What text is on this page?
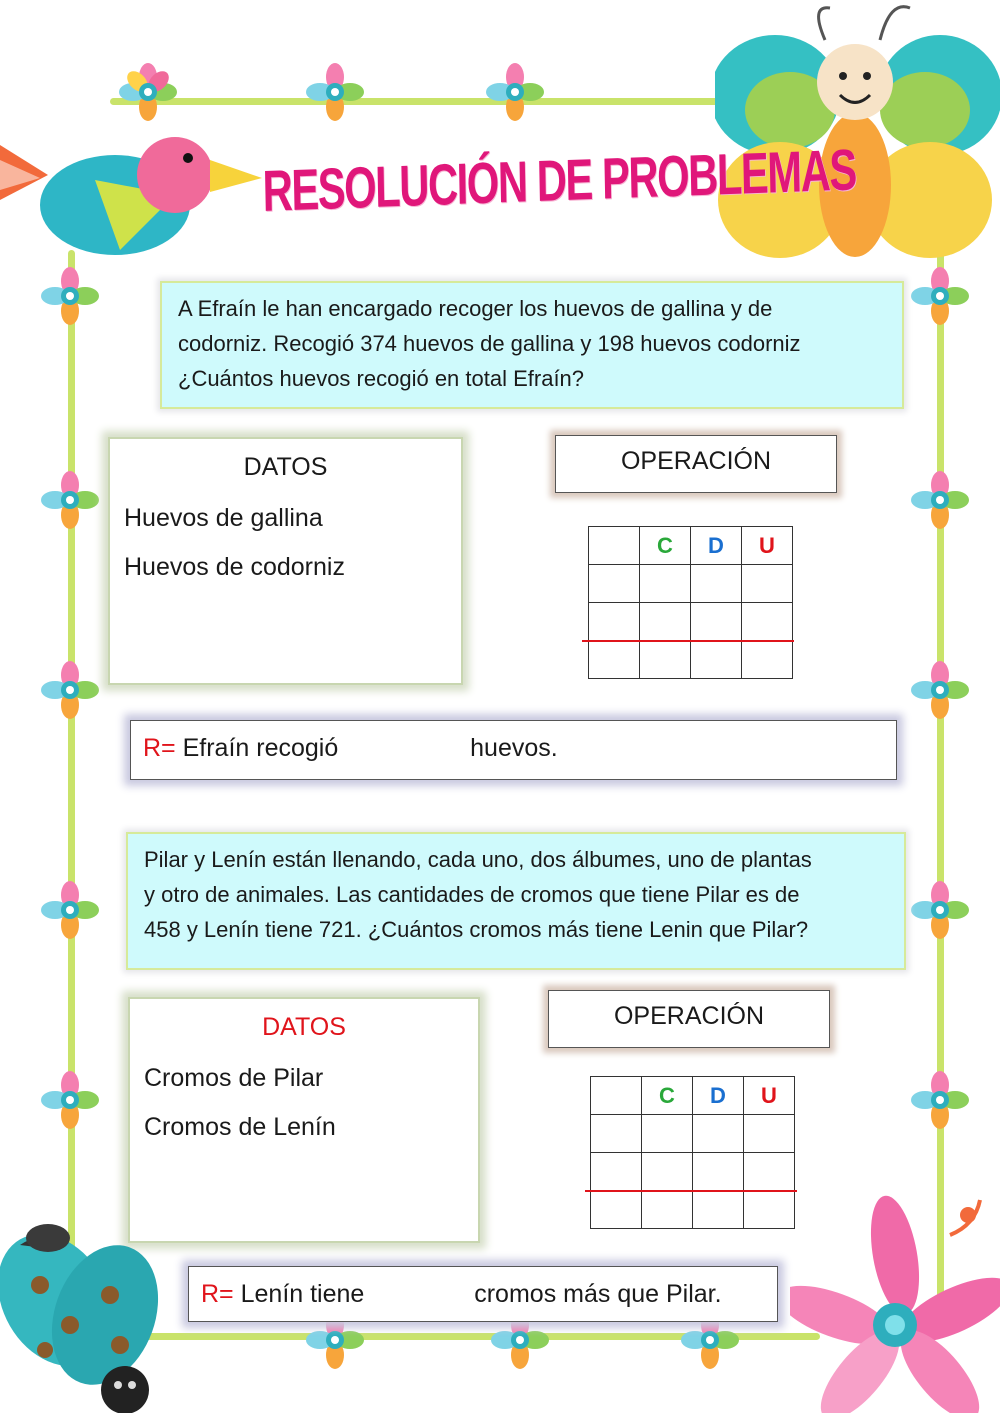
RESOLUCIÓN DE PROBLEMAS
A Efraín le han encargado recoger los huevos de gallina y de
codorniz. Recogió 374 huevos de gallina y 198 huevos codorniz
¿Cuántos huevos recogió en total Efraín?
DATOS
Huevos de gallina
Huevos de codorniz
OPERACIÓN
	C	D	U

R= Efraín recogió	huevos.
Pilar y Lenín están llenando, cada uno, dos álbumes, uno de plantas
y otro de animales. Las cantidades de cromos que tiene Pilar es de
458 y Lenín tiene 721. ¿Cuántos cromos más tiene Lenin que Pilar?
DATOS
Cromos de Pilar
Cromos de Lenín
OPERACIÓN
	C	D	U

R= Lenín tiene	cromos más que Pilar.
